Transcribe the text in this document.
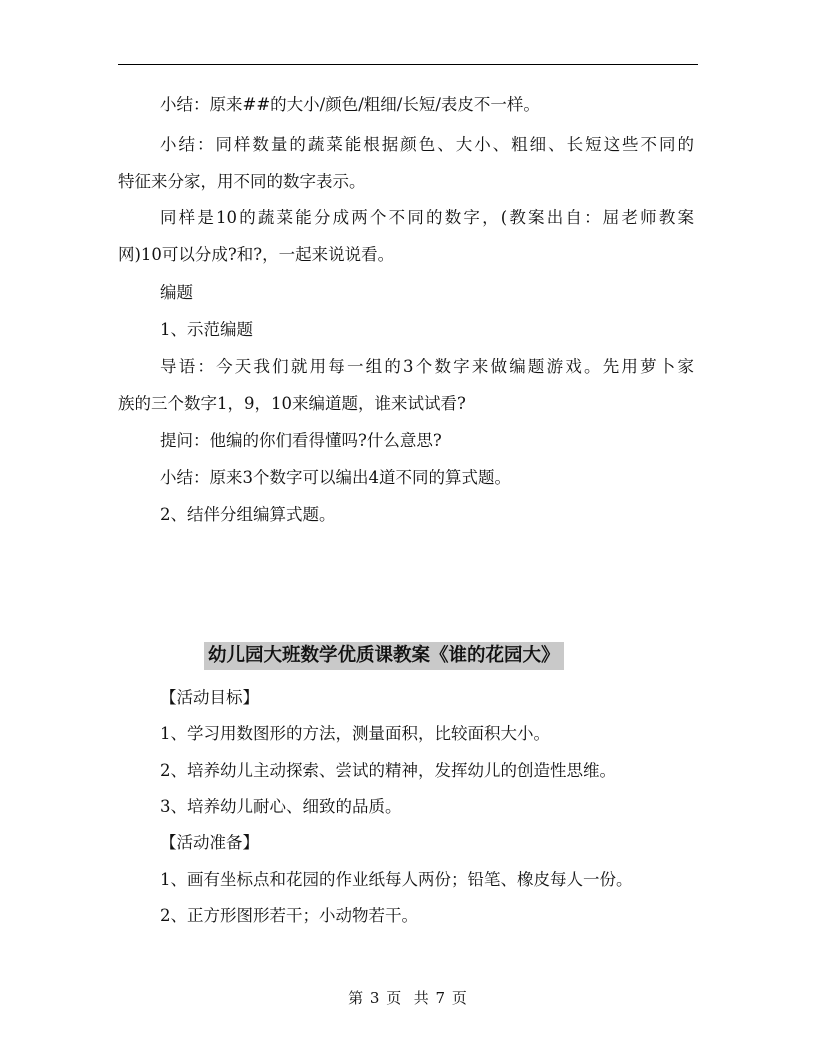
小结：原来##的大小/颜色/粗细/长短/表皮不一样。
小结：同样数量的蔬菜能根据颜色、大小、粗细、长短这些不同的
特征来分家，用不同的数字表示。
同样是10的蔬菜能分成两个不同的数字，(教案出自：屈老师教案
网)10可以分成?和?，一起来说说看。
编题
1、示范编题
导语：今天我们就用每一组的3个数字来做编题游戏。先用萝卜家
族的三个数字1，9，10来编道题，谁来试试看?
提问：他编的你们看得懂吗?什么意思?
小结：原来3个数字可以编出4道不同的算式题。
2、结伴分组编算式题。
幼儿园大班数学优质课教案《谁的花园大》
【活动目标】
1、学习用数图形的方法，测量面积，比较面积大小。
2、培养幼儿主动探索、尝试的精神，发挥幼儿的创造性思维。
3、培养幼儿耐心、细致的品质。
【活动准备】
1、画有坐标点和花园的作业纸每人两份；铅笔、橡皮每人一份。
2、正方形图形若干；小动物若干。
第 3 页  共 7 页
